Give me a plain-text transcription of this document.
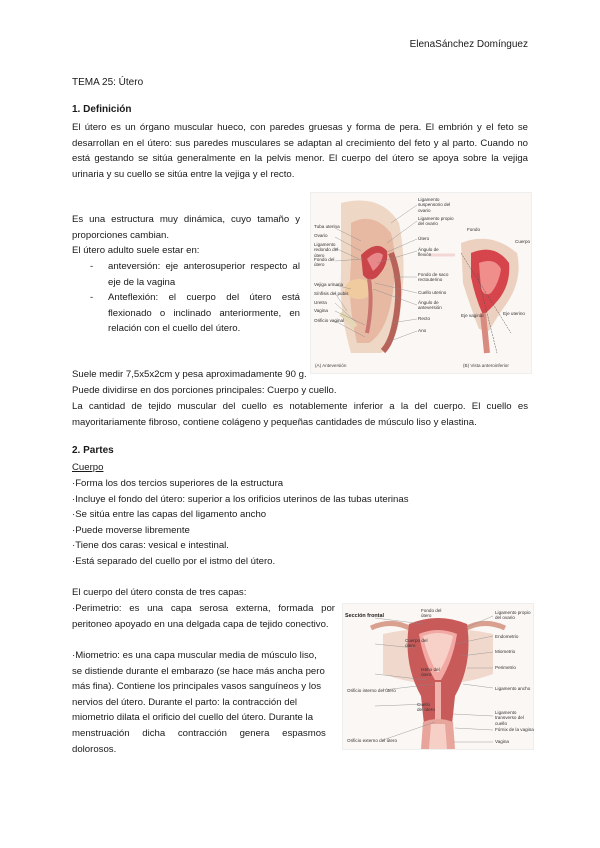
ElenaSánchez Domínguez
TEMA 25: Útero
1. Definición
El útero es un órgano muscular hueco, con paredes gruesas y forma de pera. El embrión y el feto se desarrollan en el útero: sus paredes musculares se adaptan al crecimiento del feto y al parto. Cuando no está gestando se sitúa generalmente en la pelvis menor. El cuerpo del útero se apoya sobre la vejiga urinaria y su cuello se sitúa entre la vejiga y el recto.
Es una estructura muy dinámica, cuyo tamaño y proporciones cambian.
El útero adulto suele estar en:
- anteversión: eje anterosuperior respecto al eje de la vagina
- Anteflexión: el cuerpo del útero está flexionado o inclinado anteriormente, en relación con el cuello del útero.
Tuba uterina
Ovario
Ligamento redondo del útero
Fondo del útero
Vejiga urinaria
Sínfisis del pubis
Uretra
Vagina
Orificio vaginal
Ligamento suspensorio del ovario
Ligamento propio del ovario
Útero
Ángulo de flexión
Fondo de saco rectouterino
Cuello uterino
Ángulo de anteversión
Recto
Ano
Fondo
Cuerpo
Eje vaginal	Eje uterino
(A) Anteversión	(B) Vista anteroinferior
Suele medir 7,5x5x2cm y pesa aproximadamente 90 g.
Puede dividirse en dos porciones principales: Cuerpo y cuello.
La cantidad de tejido muscular del cuello es notablemente inferior a la del cuerpo. El cuello es mayoritariamente fibroso, contiene colágeno y pequeñas cantidades de músculo liso y elastina.
2. Partes
Cuerpo
·Forma los dos tercios superiores de la estructura
·Incluye el fondo del útero: superior a los orificios uterinos de las tubas uterinas
·Se sitúa entre las capas del ligamento ancho
·Puede moverse libremente
·Tiene dos caras: vesical e intestinal.
·Está separado del cuello por el istmo del útero.
El cuerpo del útero consta de tres capas:
·Perimetrio: es una capa serosa externa, formada por peritoneo apoyado en una delgada capa de tejido conectivo.
·Miometrio: es una capa muscular media de músculo liso,
se distiende durante el embarazo (se hace más ancha pero
más fina). Contiene los principales vasos sanguíneos y los
nervios del útero. Durante el parto: la contracción del
miometrio dilata el orificio del cuello del útero. Durante la
menstruación dicha contracción genera espasmos
dolorosos.
Sección frontal
Fondo del útero
Cuerpo del útero
Istmo del útero
Orificio interno del útero
Cuello del útero
Orificio externo del útero
Ligamento propio del ovario
Endometrio
Miometrio
Perimetrio
Ligamento ancho
Ligamento transverso del cuello
Fórnix de la vagina
Vagina
